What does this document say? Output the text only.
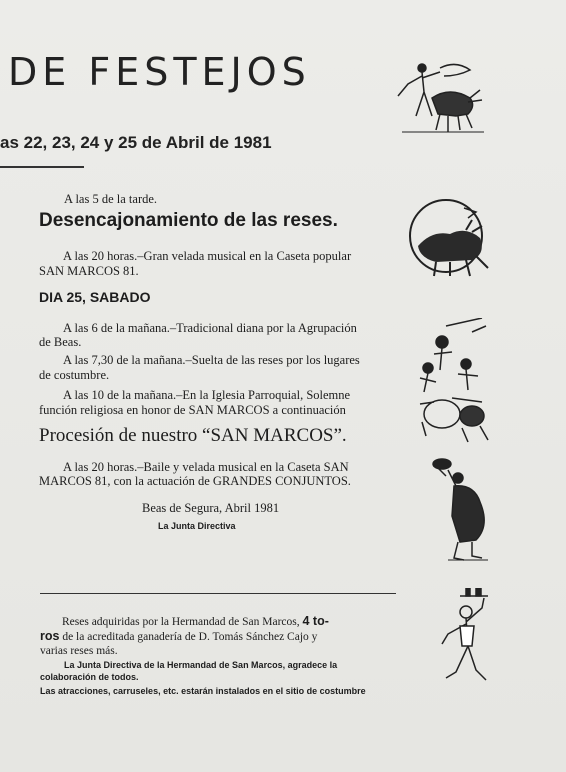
DE FESTEJOS
as 22, 23, 24 y 25 de Abril de 1981
A las 5 de la tarde.
Desencajonamiento de las reses.
A las 20 horas.–Gran velada musical en la Caseta popular
SAN MARCOS 81.
DIA 25, SABADO
A las 6 de la mañana.–Tradicional diana por la Agrupación
de Beas.
A las 7,30 de la mañana.–Suelta de las reses por los lugares
de costumbre.
A las 10 de la mañana.–En la Iglesia Parroquial, Solemne
función religiosa en honor de SAN MARCOS a continuación
Procesión de nuestro “SAN MARCOS”.
A las 20 horas.–Baile y velada musical en la Caseta SAN
MARCOS 81, con la actuación de GRANDES CONJUNTOS.
Beas de Segura, Abril 1981
La Junta Directiva
Reses adquiridas por la Hermandad de San Marcos, 4 to-
ros de la acreditada ganadería de D. Tomás Sánchez Cajo y
varias reses más.
La Junta Directiva de la Hermandad de San Marcos, agradece la
colaboración de todos.
Las atracciones, carruseles, etc. estarán instalados en el sitio de costumbre
